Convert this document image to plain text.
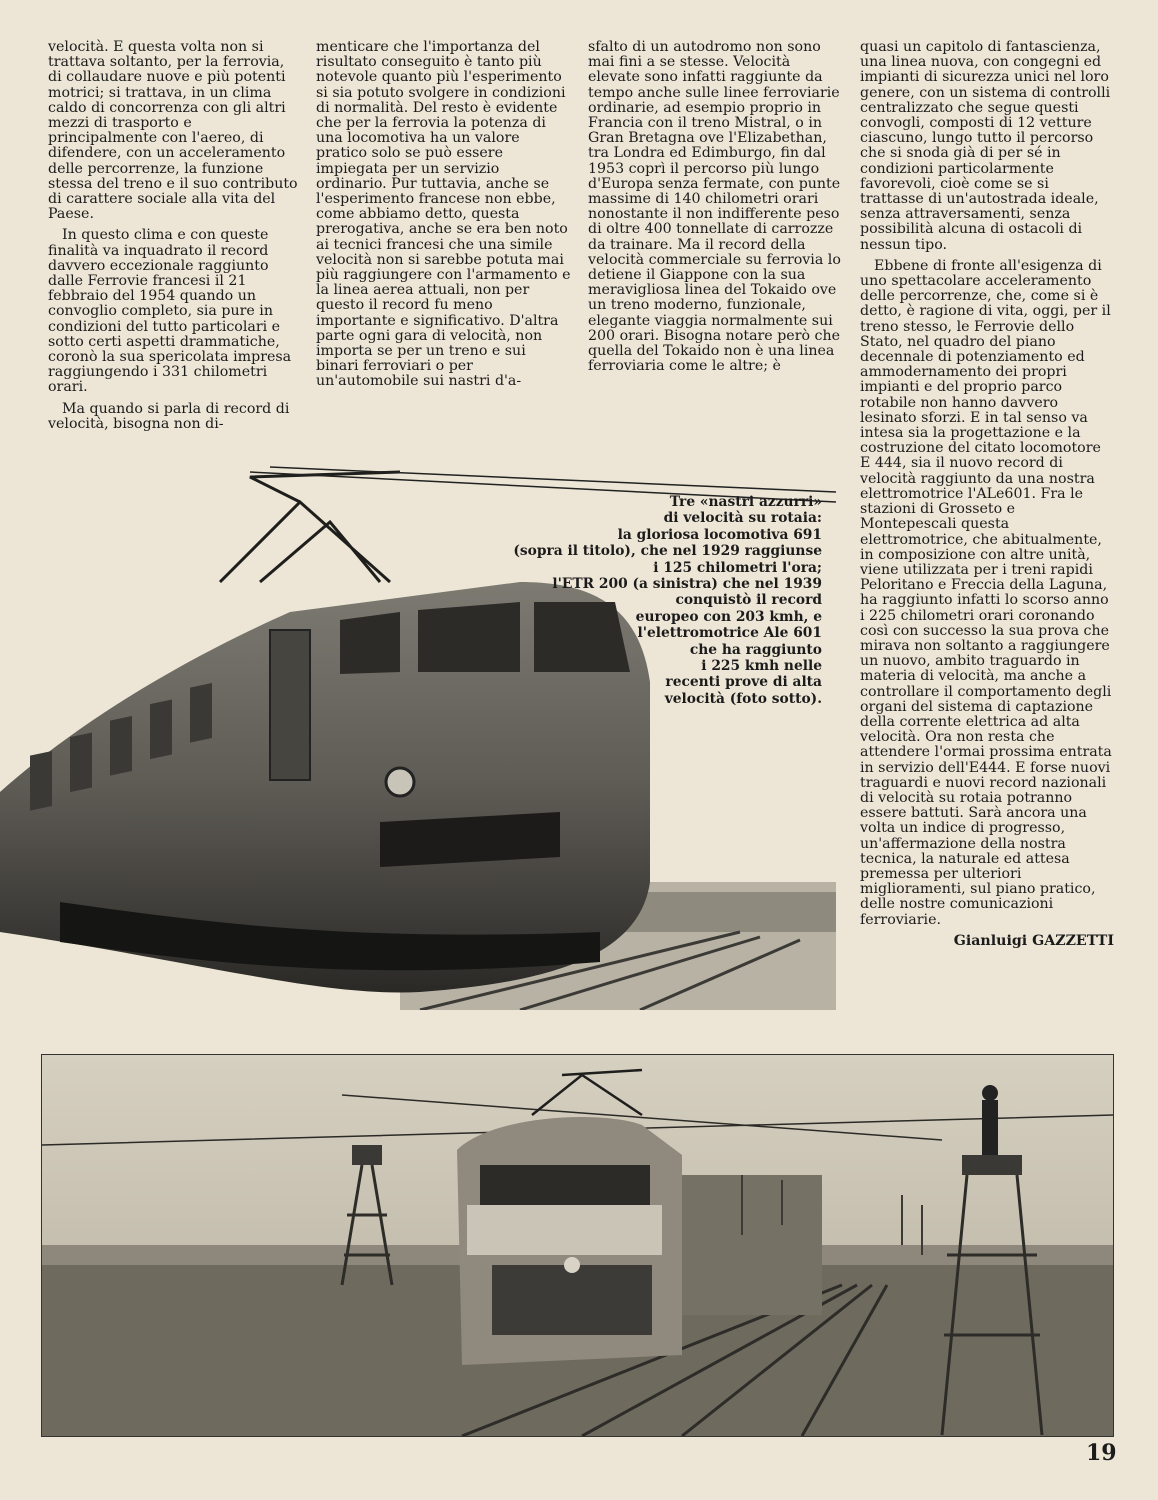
velocità. E questa volta non si trattava soltanto, per la ferrovia, di collaudare nuove e più potenti motrici; si trattava, in un clima caldo di concorrenza con gli altri mezzi di trasporto e principalmente con l'aereo, di difendere, con un acceleramento delle percorrenze, la funzione stessa del treno e il suo contributo di carattere sociale alla vita del Paese.

In questo clima e con queste finalità va inquadrato il record davvero eccezionale raggiunto dalle Ferrovie francesi il 21 febbraio del 1954 quando un convoglio completo, sia pure in condizioni del tutto particolari e sotto certi aspetti drammatiche, coronò la sua spericolata impresa raggiungendo i 331 chilometri orari.

Ma quando si parla di record di velocità, bisogna non di-

menticare che l'importanza del risultato conseguito è tanto più notevole quanto più l'esperimento si sia potuto svolgere in condizioni di normalità. Del resto è evidente che per la ferrovia la potenza di una locomotiva ha un valore pratico solo se può essere impiegata per un servizio ordinario. Pur tuttavia, anche se l'esperimento francese non ebbe, come abbiamo detto, questa prerogativa, anche se era ben noto ai tecnici francesi che una simile velocità non si sarebbe potuta mai più raggiungere con l'armamento e la linea aerea attuali, non per questo il record fu meno importante e significativo. D'altra parte ogni gara di velocità, non importa se per un treno e sui binari ferroviari o per un'automobile sui nastri d'a-

sfalto di un autodromo non sono mai fini a se stesse. Velocità elevate sono infatti raggiunte da tempo anche sulle linee ferroviarie ordinarie, ad esempio proprio in Francia con il treno Mistral, o in Gran Bretagna ove l'Elizabethan, tra Londra ed Edimburgo, fin dal 1953 coprì il percorso più lungo d'Europa senza fermate, con punte massime di 140 chilometri orari nonostante il non indifferente peso di oltre 400 tonnellate di carrozze da trainare. Ma il record della velocità commerciale su ferrovia lo detiene il Giappone con la sua meravigliosa linea del Tokaido ove un treno moderno, funzionale, elegante viaggia normalmente sui 200 orari. Bisogna notare però che quella del Tokaido non è una linea ferroviaria come le altre; è

quasi un capitolo di fantascienza, una linea nuova, con congegni ed impianti di sicurezza unici nel loro genere, con un sistema di controlli centralizzato che segue questi convogli, composti di 12 vetture ciascuno, lungo tutto il percorso che si snoda già di per sé in condizioni particolarmente favorevoli, cioè come se si trattasse di un'autostrada ideale, senza attraversamenti, senza possibilità alcuna di ostacoli di nessun tipo.

Ebbene di fronte all'esigenza di uno spettacolare acceleramento delle percorrenze, che, come si è detto, è ragione di vita, oggi, per il treno stesso, le Ferrovie dello Stato, nel quadro del piano decennale di potenziamento ed ammodernamento dei propri impianti e del proprio parco rotabile non hanno davvero lesinato sforzi. E in tal senso va intesa sia la progettazione e la costruzione del citato locomotore E 444, sia il nuovo record di velocità raggiunto da una nostra elettromotrice l'ALe601. Fra le stazioni di Grosseto e Montepescali questa elettromotrice, che abitualmente, in composizione con altre unità, viene utilizzata per i treni rapidi Peloritano e Freccia della Laguna, ha raggiunto infatti lo scorso anno i 225 chilometri orari coronando così con successo la sua prova che mirava non soltanto a raggiungere un nuovo, ambito traguardo in materia di velocità, ma anche a controllare il comportamento degli organi del sistema di captazione della corrente elettrica ad alta velocità. Ora non resta che attendere l'ormai prossima entrata in servizio dell'E444. E forse nuovi traguardi e nuovi record nazionali di velocità su rotaia potranno essere battuti. Sarà ancora una volta un indice di progresso, un'affermazione della nostra tecnica, la naturale ed attesa premessa per ulteriori miglioramenti, sul piano pratico, delle nostre comunicazioni ferroviarie.

Gianluigi GAZZETTI
Tre «nastri azzurri»
di velocità su rotaia:
la gloriosa locomotiva 691
(sopra il titolo), che nel 1929 raggiunse
i 125 chilometri l'ora;
l'ETR 200 (a sinistra) che nel 1939
conquistò il record
europeo con 203 kmh, e
l'elettromotrice Ale 601
che ha raggiunto
i 225 kmh nelle
recenti prove di alta
velocità (foto sotto).
19
